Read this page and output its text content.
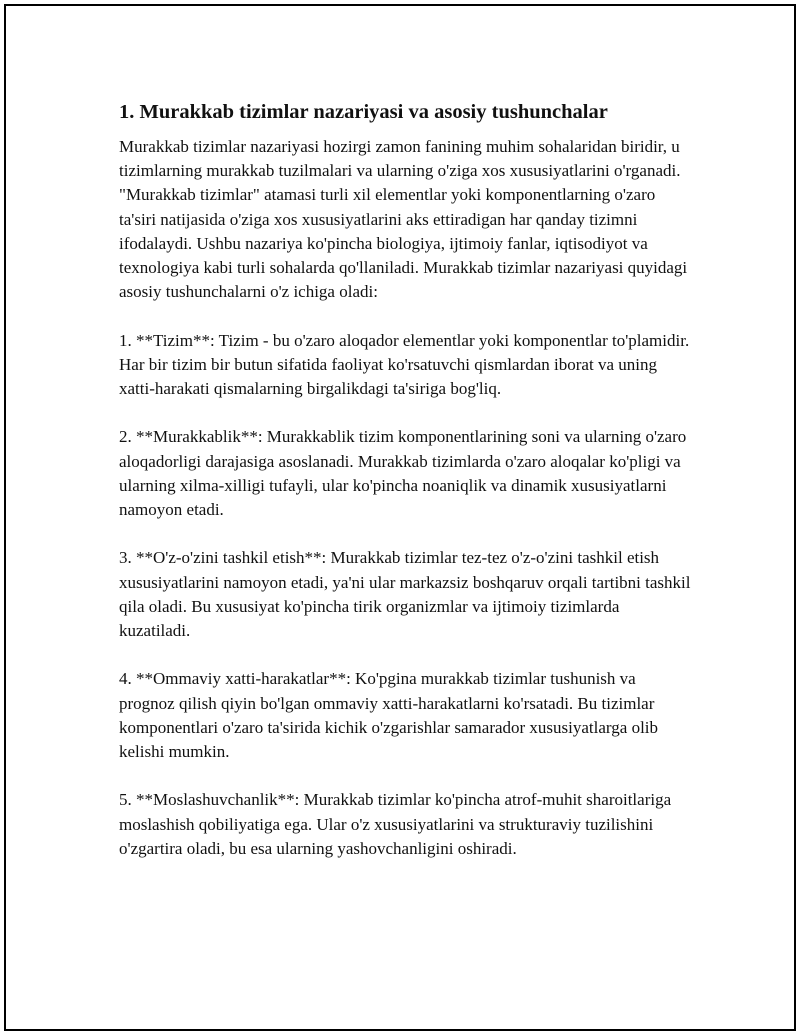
1. Murakkab tizimlar nazariyasi va asosiy tushunchalar

Murakkab tizimlar nazariyasi hozirgi zamon fanining muhim sohalaridan biridir, u tizimlarning murakkab tuzilmalari va ularning o'ziga xos xususiyatlarini o'rganadi. "Murakkab tizimlar" atamasi turli xil elementlar yoki komponentlarning o'zaro ta'siri natijasida o'ziga xos xususiyatlarini aks ettiradigan har qanday tizimni ifodalaydi. Ushbu nazariya ko'pincha biologiya, ijtimoiy fanlar, iqtisodiyot va texnologiya kabi turli sohalarda qo'llaniladi. Murakkab tizimlar nazariyasi quyidagi asosiy tushunchalarni o'z ichiga oladi:

1. **Tizim**: Tizim - bu o'zaro aloqador elementlar yoki komponentlar to'plamidir. Har bir tizim bir butun sifatida faoliyat ko'rsatuvchi qismlardan iborat va uning xatti-harakati qismalarning birgalikdagi ta'siriga bog'liq.

2. **Murakkablik**: Murakkablik tizim komponentlarining soni va ularning o'zaro aloqadorligi darajasiga asoslanadi. Murakkab tizimlarda o'zaro aloqalar ko'pligi va ularning xilma-xilligi tufayli, ular ko'pincha noaniqlik va dinamik xususiyatlarni namoyon etadi.

3. **O'z-o'zini tashkil etish**: Murakkab tizimlar tez-tez o'z-o'zini tashkil etish xususiyatlarini namoyon etadi, ya'ni ular markazsiz boshqaruv orqali tartibni tashkil qila oladi. Bu xususiyat ko'pincha tirik organizmlar va ijtimoiy tizimlarda kuzatiladi.

4. **Ommaviy xatti-harakatlar**: Ko'pgina murakkab tizimlar tushunish va prognoz qilish qiyin bo'lgan ommaviy xatti-harakatlarni ko'rsatadi. Bu tizimlar komponentlari o'zaro ta'sirida kichik o'zgarishlar samarador xususiyatlarga olib kelishi mumkin.

5. **Moslashuvchanlik**: Murakkab tizimlar ko'pincha atrof-muhit sharoitlariga moslashish qobiliyatiga ega. Ular o'z xususiyatlarini va strukturaviy tuzilishini o'zgartira oladi, bu esa ularning yashovchanligini oshiradi.
